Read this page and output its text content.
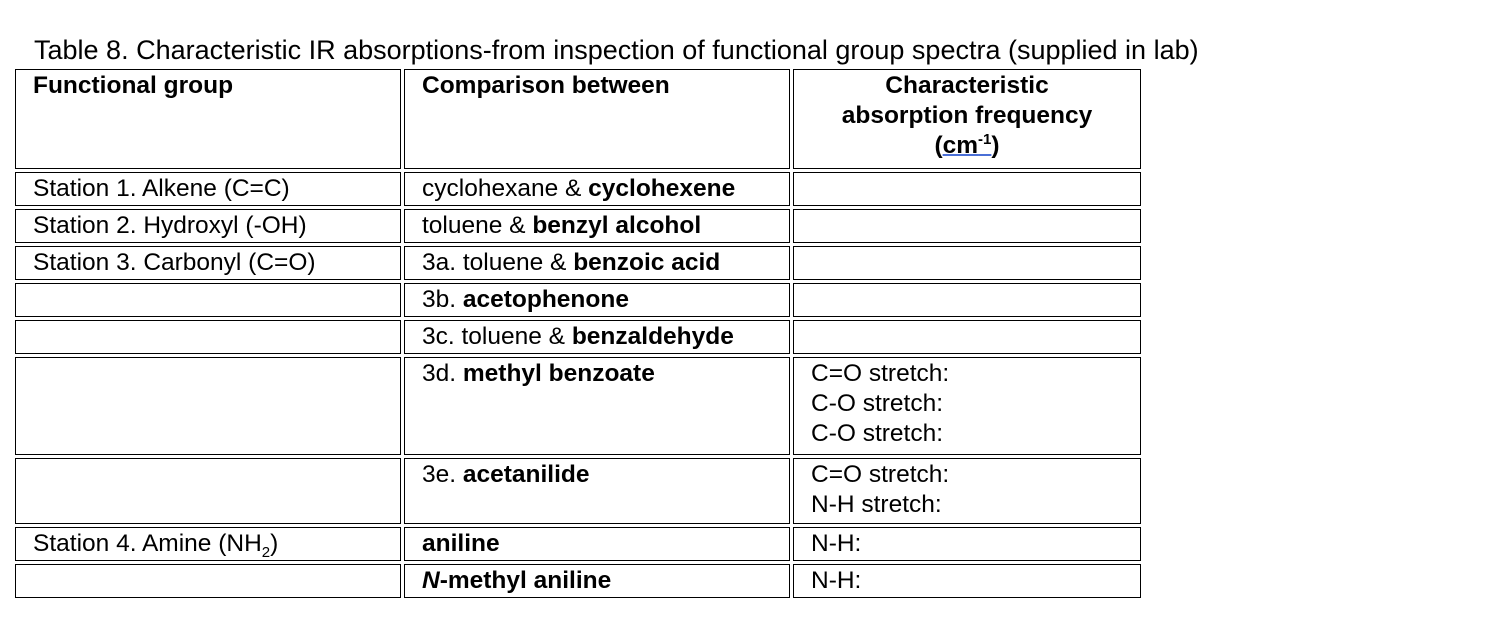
Table 8. Characteristic IR absorptions-from inspection of functional group spectra (supplied in lab)
Functional group	Comparison between	Characteristic
absorption frequency
$(cm^{-1})$

Station 1. Alkene (C=C)	cyclohexane & cyclohexene	
Station 2. Hydroxyl (-OH)	toluene & benzyl alcohol	
Station 3. Carbonyl (C=O)	3a. toluene & benzoic acid	
	3b. acetophenone	
	3c. toluene & benzaldehyde	
	3d. methyl benzoate	C=O stretch:
C-O stretch:
C-O stretch:

	3e. acetanilide	C=O stretch:
N-H stretch:

Station 4. Amine $(NH_2)$	aniline	N-H:

	N-methyl aniline	N-H:
